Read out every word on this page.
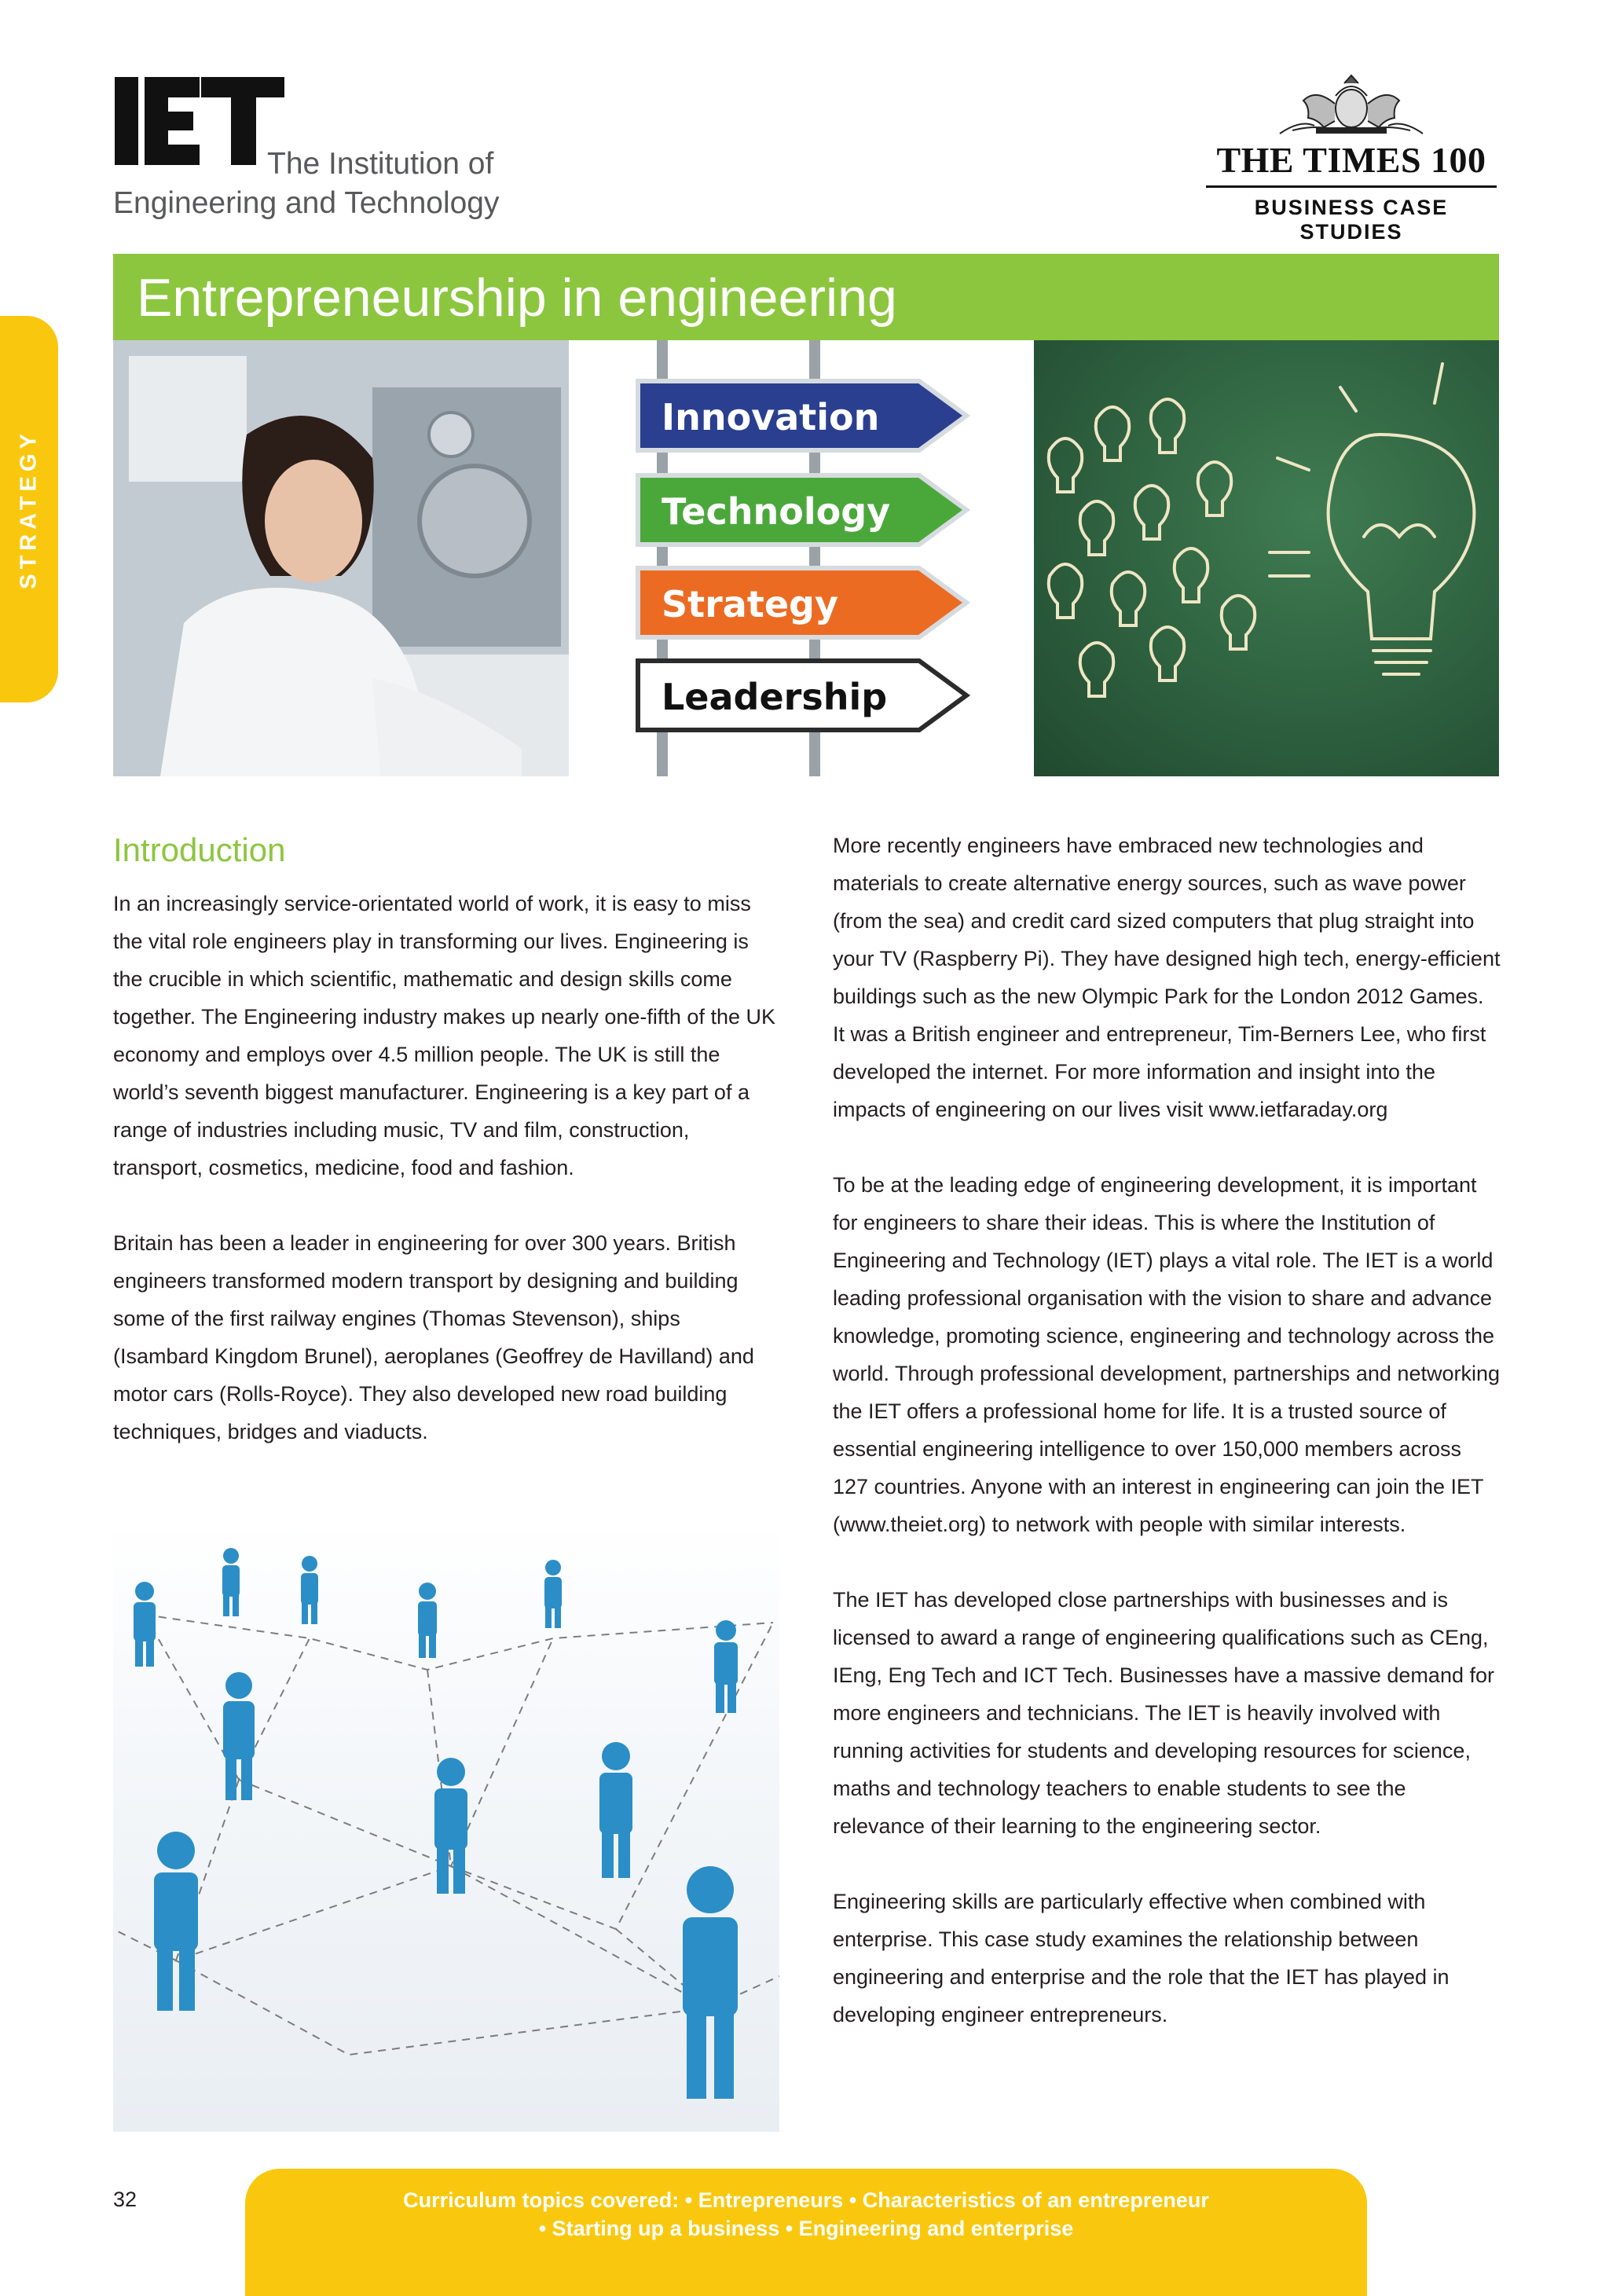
The Institution of
Engineering and Technology
THE TIMES 100
BUSINESS CASE STUDIES
STRATEGY
Entrepreneurship in engineering
Innovation
Technology
Strategy
Leadership
Introduction

In an increasingly service-orientated world of work, it is easy to miss the vital role engineers play in transforming our lives. Engineering is the crucible in which scientific, mathematic and design skills come together. The Engineering industry makes up nearly one-fifth of the UK economy and employs over 4.5 million people. The UK is still the world’s seventh biggest manufacturer. Engineering is a key part of a range of industries including music, TV and film, construction, transport, cosmetics, medicine, food and fashion.

Britain has been a leader in engineering for over 300 years. British engineers transformed modern transport by designing and building some of the first railway engines (Thomas Stevenson), ships (Isambard Kingdom Brunel), aeroplanes (Geoffrey de Havilland) and motor cars (Rolls-Royce). They also developed new road building techniques, bridges and viaducts.

More recently engineers have embraced new technologies and materials to create alternative energy sources, such as wave power (from the sea) and credit card sized computers that plug straight into your TV (Raspberry Pi). They have designed high tech, energy-efficient buildings such as the new Olympic Park for the London 2012 Games. It was a British engineer and entrepreneur, Tim-Berners Lee, who first developed the internet. For more information and insight into the impacts of engineering on our lives visit www.ietfaraday.org

To be at the leading edge of engineering development, it is important for engineers to share their ideas. This is where the Institution of Engineering and Technology (IET) plays a vital role. The IET is a world leading professional organisation with the vision to share and advance knowledge, promoting science, engineering and technology across the world. Through professional development, partnerships and networking the IET offers a professional home for life. It is a trusted source of essential engineering intelligence to over 150,000 members across 127 countries. Anyone with an interest in engineering can join the IET (www.theiet.org) to network with people with similar interests.

The IET has developed close partnerships with businesses and is licensed to award a range of engineering qualifications such as CEng, IEng, Eng Tech and ICT Tech. Businesses have a massive demand for more engineers and technicians. The IET is heavily involved with running activities for students and developing resources for science, maths and technology teachers to enable students to see the relevance of their learning to the engineering sector.

Engineering skills are particularly effective when combined with enterprise. This case study examines the relationship between engineering and enterprise and the role that the IET has played in developing engineer entrepreneurs.

32	Curriculum topics covered: • Entrepreneurs • Characteristics of an entrepreneur
• Starting up a business • Engineering and enterprise
